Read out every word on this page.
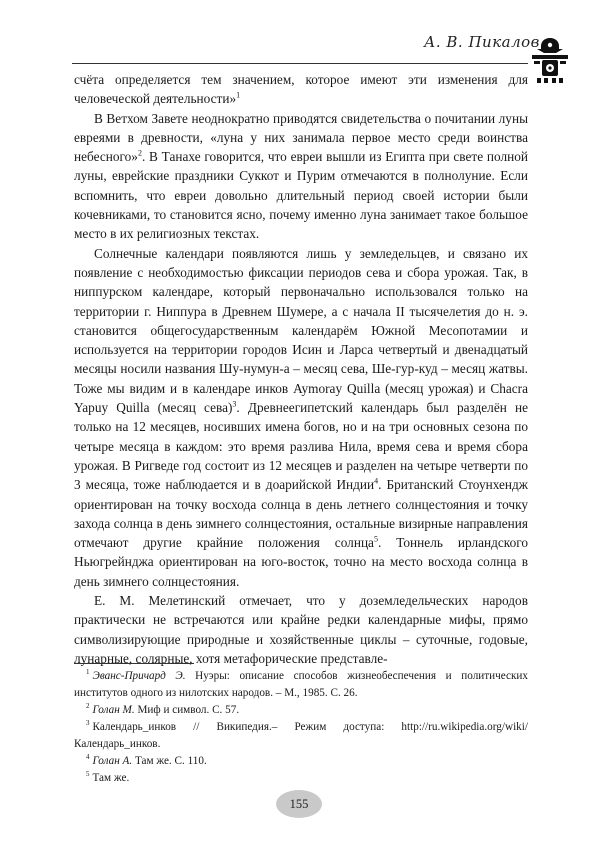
А. В. Пикалов

счёта определяется тем значением, которое имеют эти изменения для человеческой деятельности»$^1$

В Ветхом Завете неоднократно приводятся свидетельства о почитании луны евреями в древности, «луна у них занимала первое место среди воинства небесного»$^2$. В Танахе говорится, что евреи вышли из Египта при свете полной луны, еврейские праздники Суккот и Пурим отмечаются в полнолуние. Если вспомнить, что евреи довольно длительный период своей истории были кочевниками, то становится ясно, почему именно луна занимает такое большое место в их религиозных текстах.

Солнечные календари появляются лишь у земледельцев, и связано их появление с необходимостью фиксации периодов сева и сбора урожая. Так, в ниппурском календаре, который первоначально использовался только на территории г. Ниппура в Древнем Шумере, а с начала II тысячелетия до н. э. становится общегосударственным календарём Южной Месопотамии и используется на территории городов Исин и Ларса четвертый и двенадцатый месяцы носили названия Шу-нумун-а – месяц сева, Ше-гур-куд – месяц жатвы. Тоже мы видим и в календаре инков Aymoray Quilla (месяц урожая) и Chacra Yapuy Quilla (месяц сева)$^3$. Древнеегипетский календарь был разделён не только на 12 месяцев, носивших имена богов, но и на три основных сезона по четыре месяца в каждом: это время разлива Нила, время сева и время сбора урожая. В Ригведе год состоит из 12 месяцев и разделен на четыре четверти по 3 месяца, тоже наблюдается и в доарийской Индии$^4$. Британский Стоунхендж ориентирован на точку восхода солнца в день летнего солнцестояния и точку захода солнца в день зимнего солнцестояния, остальные визирные направления отмечают другие крайние положения солнца$^5$. Тоннель ирландского Ньюгрейнджа ориентирован на юго-восток, точно на место восхода солнца в день зимнего солнцестояния.

Е. М. Мелетинский отмечает, что у доземледельческих народов практически не встречаются или крайне редки календарные мифы, прямо символизирующие природные и хозяйственные циклы – суточные, годовые, лунарные, солярные, хотя метафорические представле-

$^1$ Эванс-Причард Э. Нуэры: описание способов жизнеобеспечения и политических институтов одного из нилотских народов. – М., 1985. С. 26.

$^2$ Голан М. Миф и символ. С. 57.

$^3$ Календарь_инков // Википедия.– Режим доступа: http://ru.wikipedia.org/wiki/Календарь_инков.

$^4$ Голан А. Там же. С. 110.

$^5$ Там же.

155
